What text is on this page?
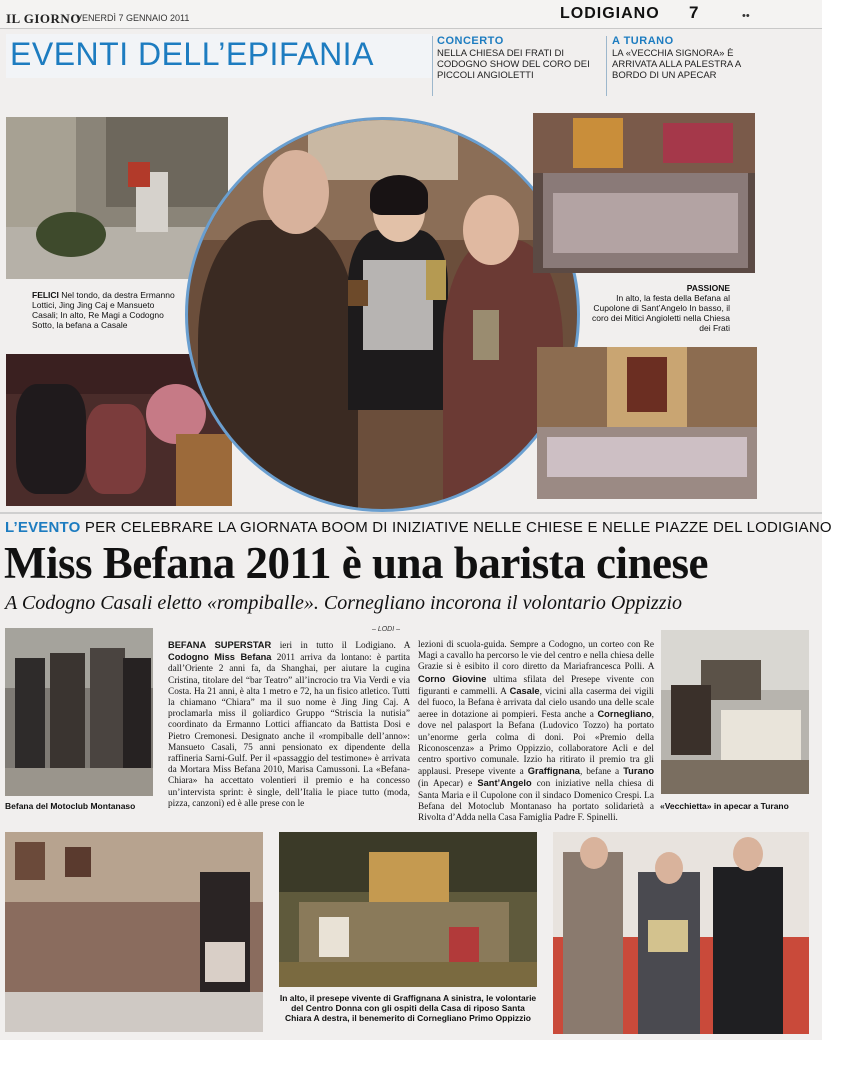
IL GIORNO
VENERDÌ 7 GENNAIO 2011	LODIGIANO 7	••
EVENTI DELL’EPIFANIA	CONCERTO
NELLA CHIESA DEI FRATI DI CODOGNO SHOW DEL CORO DEI PICCOLI ANGIOLETTI
A TURANO
LA «VECCHIA SIGNORA» È ARRIVATA ALLA PALESTRA A BORDO DI UN APECAR
FELICI Nel tondo, da destra Ermanno Lottici, Jing Jing Caj e Mansueto Casali; In alto, Re Magi a Codogno Sotto, la befana a Casale
PASSIONE
In alto, la festa della Befana al Cupolone di Sant’Angelo In basso, il coro dei Mitici Angioletti nella Chiesa dei Frati
L’EVENTO PER CELEBRARE LA GIORNATA BOOM DI INIZIATIVE NELLE CHIESE E NELLE PIAZZE DEL LODIGIANO
Miss Befana 2011 è una barista cinese
A Codogno Casali eletto «rompiballe». Cornegliano incorona il volontario Oppizzio
– LODI –
Befana del Motoclub Montanaso
BEFANA SUPERSTAR ieri in tutto il Lodigiano. A Codogno Miss Befana 2011 arriva da lontano: è partita dall’Oriente 2 anni fa, da Shanghai, per aiutare la cugina Cristina, titolare del “bar Teatro” all’incrocio tra Via Verdi e via Costa. Ha 21 anni, è alta 1 metro e 72, ha un fisico atletico. Tutti la chiamano “Chiara” ma il suo nome è Jing Jing Caj. A proclamarla miss il goliardico Gruppo “Striscia la nutisia” coordinato da Ermanno Lottici affiancato da Battista Dosi e Pietro Cremonesi. Designato anche il «rompiballe dell’anno»: Mansueto Casali, 75 anni pensionato ex dipendente della raffineria Sarni-Gulf. Per il «passaggio del testimone» è arrivata da Mortara Miss Befana 2010, Marisa Camussoni. La «Befana-Chiara» ha accettato volentieri il premio e ha concesso un’intervista sprint: è single, dell’Italia le piace tutto (moda, pizza, canzoni) ed è alle prese con le
lezioni di scuola-guida. Sempre a Codogno, un corteo con Re Magi a cavallo ha percorso le vie del centro e nella chiesa delle Grazie si è esibito il coro diretto da Mariafrancesca Polli. A Corno Giovine ultima sfilata del Presepe vivente con figuranti e cammelli. A Casale, vicini alla caserma dei vigili del fuoco, la Befana è arrivata dal cielo usando una delle scale aeree in dotazione ai pompieri. Festa anche a Cornegliano, dove nel palasport la Befana (Ludovico Tozzo) ha portato un’enorme gerla colma di doni. Poi «Premio della Riconoscenza» a Primo Oppizzio, collaboratore Acli e del centro sportivo comunale. Izzio ha ritirato il premio tra gli applausi. Presepe vivente a Graffignana, befane a Turano (in Apecar) e Sant’Angelo con iniziative nella chiesa di Santa Maria e il Cupolone con il sindaco Domenico Crespi. La Befana del Motoclub Montanaso ha portato solidarietà a Rivolta d’Adda nella Casa Famiglia Padre F. Spinelli.
«Vecchietta» in apecar a Turano
In alto, il presepe vivente di Graffignana A sinistra, le volontarie del Centro Donna con gli ospiti della Casa di riposo Santa Chiara A destra, il benemerito di Cornegliano Primo Oppizzio
